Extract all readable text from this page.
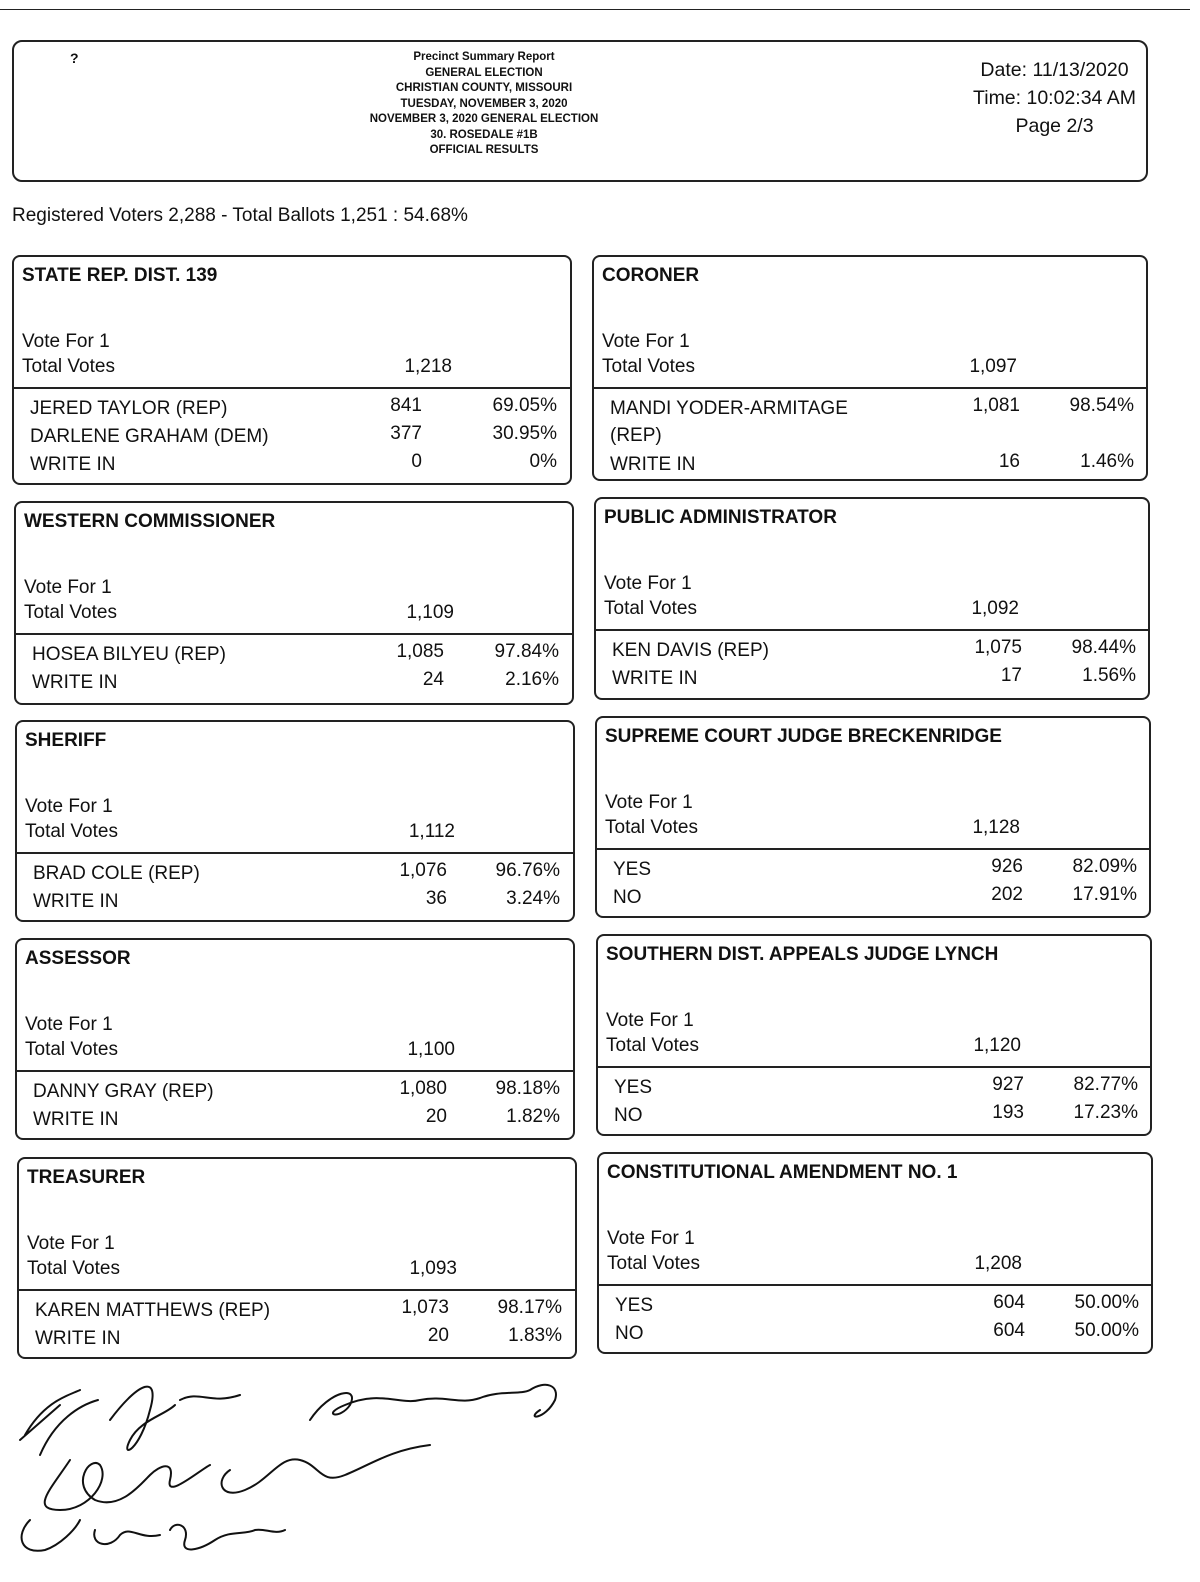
?	Precinct Summary Report
GENERAL ELECTION
CHRISTIAN COUNTY, MISSOURI
TUESDAY, NOVEMBER 3, 2020
NOVEMBER 3, 2020 GENERAL ELECTION
30. ROSEDALE #1B
OFFICIAL RESULTS
Date: 11/13/2020
Time: 10:02:34 AM
Page 2/3
Registered Voters 2,288 - Total Ballots 1,251 : 54.68%
STATE REP. DIST. 139
Vote For 1
Total Votes	1,218
JERED TAYLOR (REP)	841	69.05%
DARLENE GRAHAM (DEM)	377	30.95%
WRITE IN	0	0%
WESTERN COMMISSIONER
Vote For 1
Total Votes	1,109
HOSEA BILYEU (REP)	1,085	97.84%
WRITE IN	24	2.16%
SHERIFF
Vote For 1
Total Votes	1,112
BRAD COLE (REP)	1,076	96.76%
WRITE IN	36	3.24%
ASSESSOR
Vote For 1
Total Votes	1,100
DANNY GRAY (REP)	1,080	98.18%
WRITE IN	20	1.82%
TREASURER
Vote For 1
Total Votes	1,093
KAREN MATTHEWS (REP)	1,073	98.17%
WRITE IN	20	1.83%
CORONER
Vote For 1
Total Votes	1,097
MANDI YODER-ARMITAGE (REP)
1,081	98.54%
WRITE IN	16	1.46%
PUBLIC ADMINISTRATOR
Vote For 1
Total Votes	1,092
KEN DAVIS (REP)	1,075	98.44%
WRITE IN	17	1.56%
SUPREME COURT JUDGE BRECKENRIDGE
Vote For 1
Total Votes	1,128
YES	926	82.09%
NO	202	17.91%
SOUTHERN DIST. APPEALS JUDGE LYNCH
Vote For 1
Total Votes	1,120
YES	927	82.77%
NO	193	17.23%
CONSTITUTIONAL AMENDMENT NO. 1
Vote For 1
Total Votes	1,208
YES	604	50.00%
NO	604	50.00%
